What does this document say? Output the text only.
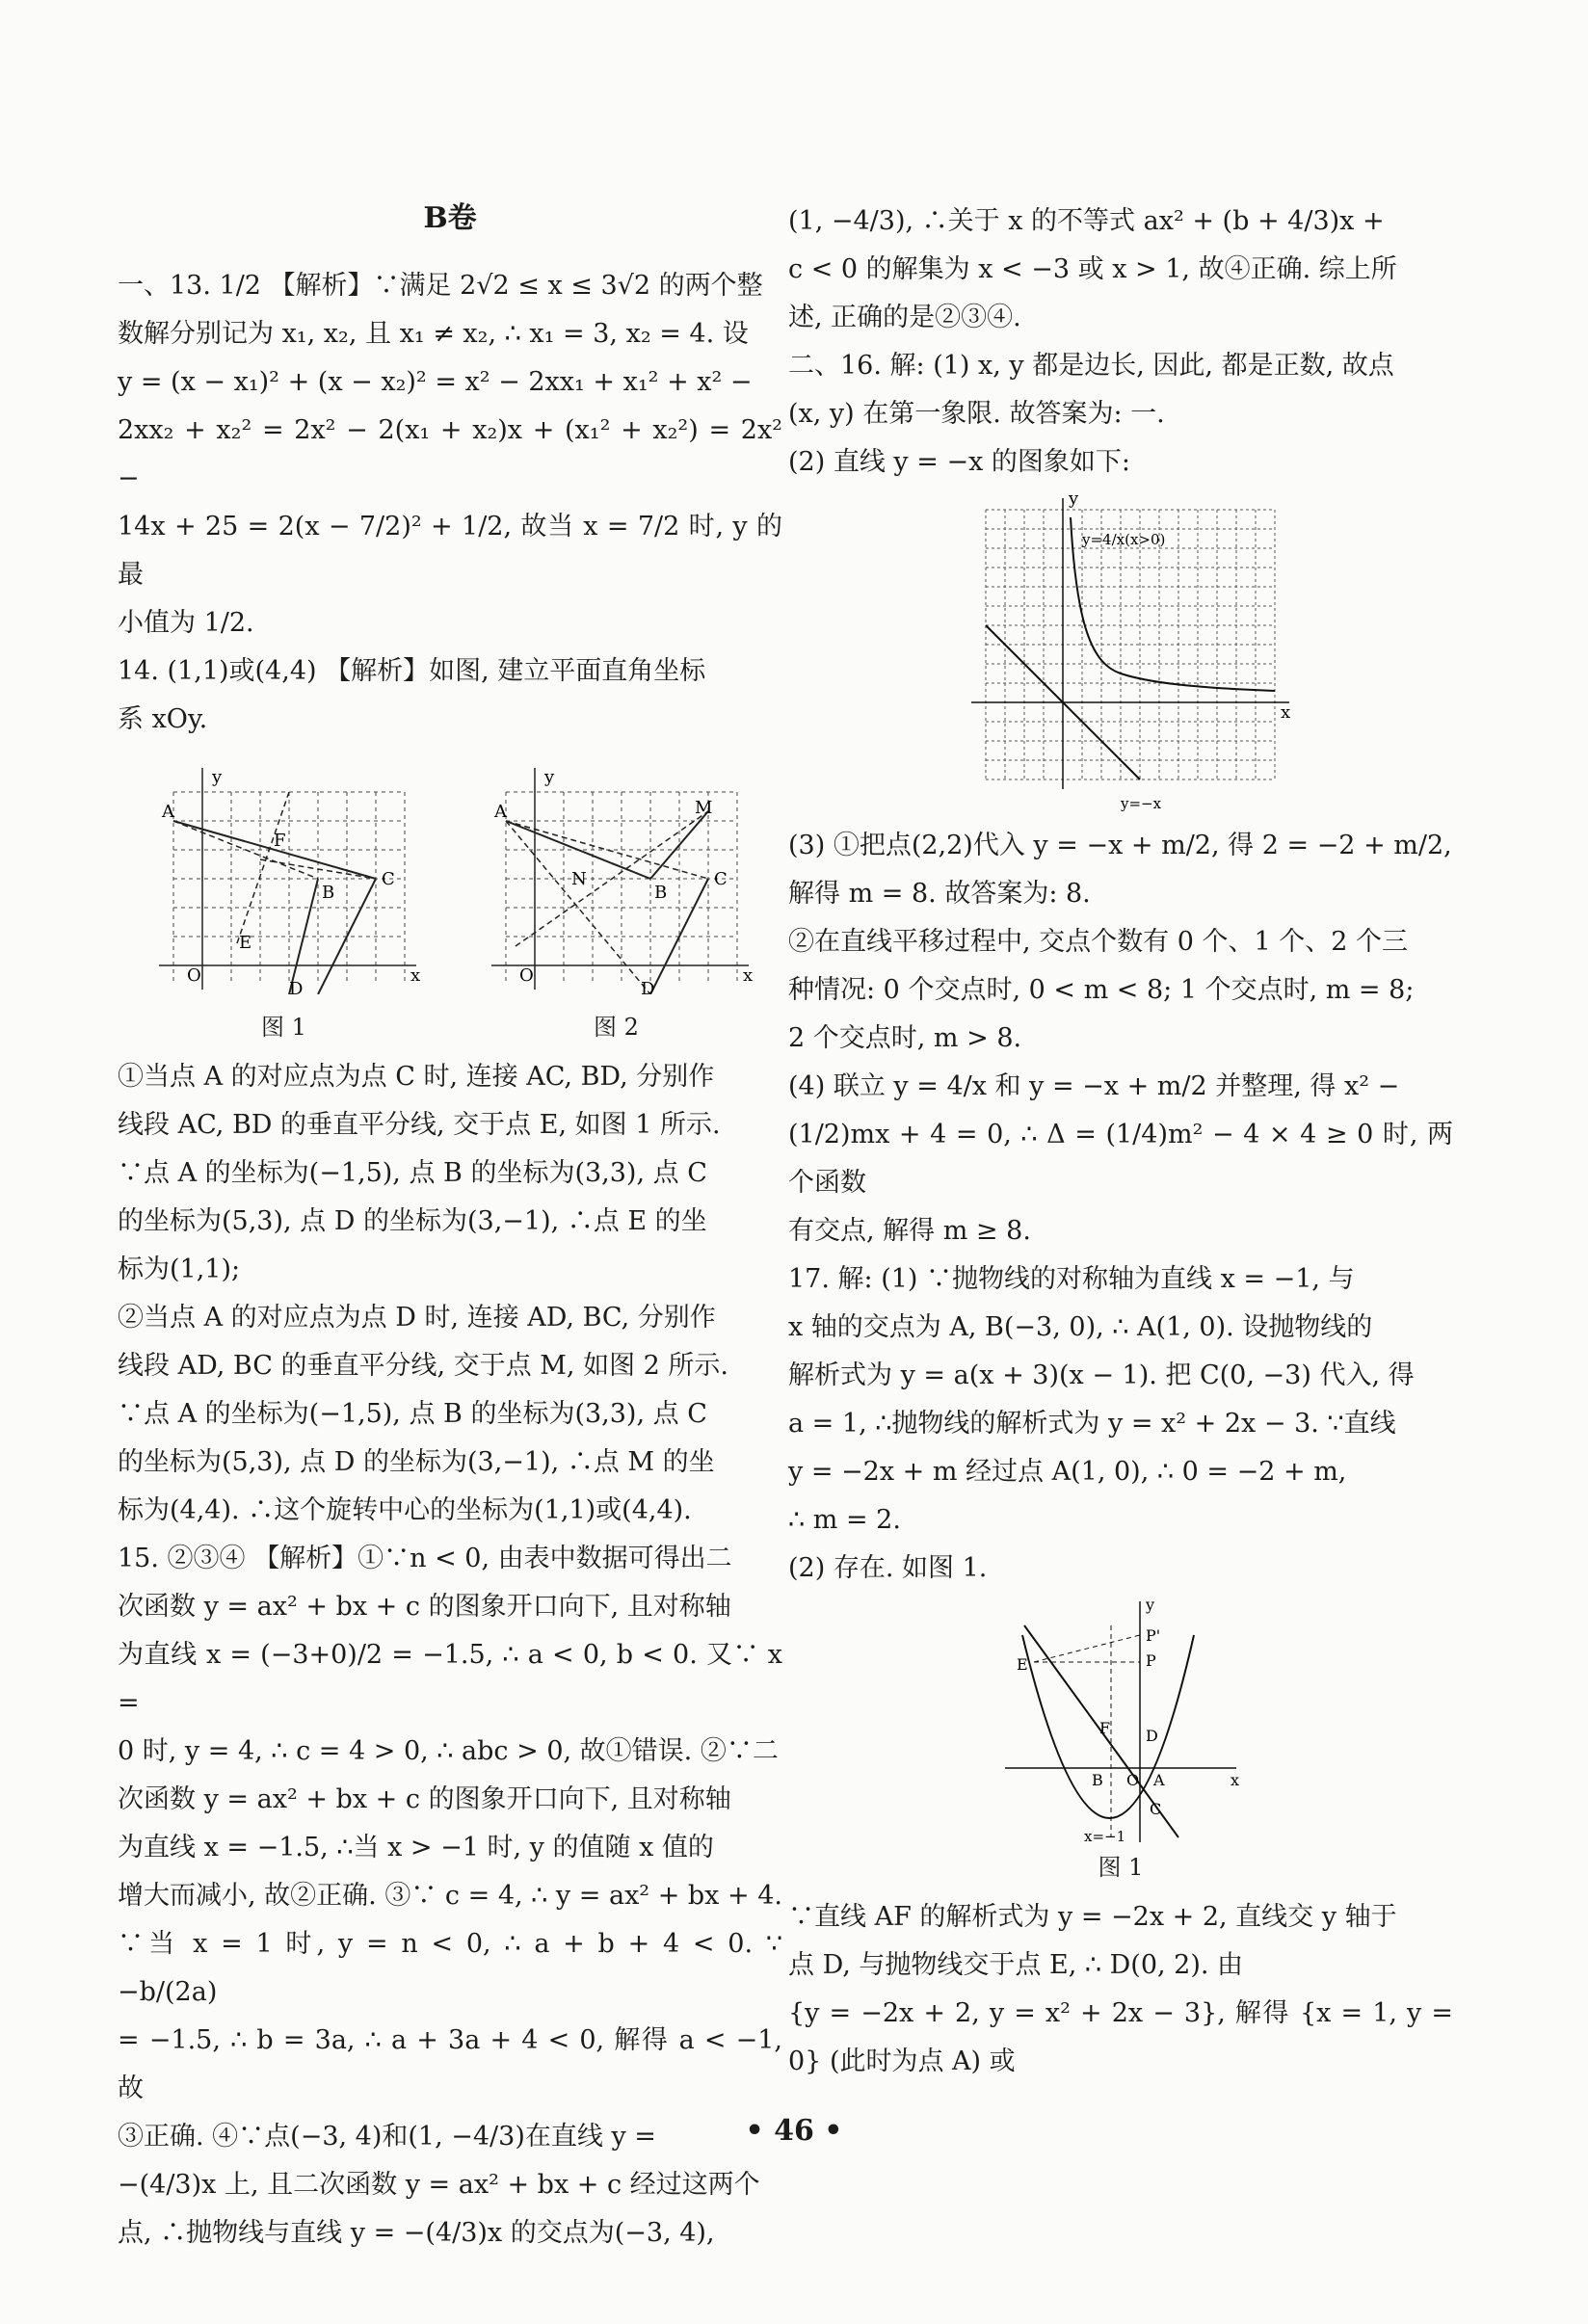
B卷

一、13. 1/2 【解析】∵满足 2√2 ≤ x ≤ 3√2 的两个整

数解分别记为 x₁, x₂, 且 x₁ ≠ x₂, ∴ x₁ = 3, x₂ = 4. 设

y = (x − x₁)² + (x − x₂)² = x² − 2xx₁ + x₁² + x² −

2xx₂ + x₂² = 2x² − 2(x₁ + x₂)x + (x₁² + x₂²) = 2x² −

14x + 25 = 2(x − 7/2)² + 1/2, 故当 x = 7/2 时, y 的最

小值为 1/2.

14. (1,1)或(4,4) 【解析】如图, 建立平面直角坐标

系 xOy.

y
x
A
O
F
B
C
E
D
图 1
y
x
A
O
N
B
C
M
D
图 2

①当点 A 的对应点为点 C 时, 连接 AC, BD, 分别作

线段 AC, BD 的垂直平分线, 交于点 E, 如图 1 所示.

∵点 A 的坐标为(−1,5), 点 B 的坐标为(3,3), 点 C

的坐标为(5,3), 点 D 的坐标为(3,−1), ∴点 E 的坐

标为(1,1);

②当点 A 的对应点为点 D 时, 连接 AD, BC, 分别作

线段 AD, BC 的垂直平分线, 交于点 M, 如图 2 所示.

∵点 A 的坐标为(−1,5), 点 B 的坐标为(3,3), 点 C

的坐标为(5,3), 点 D 的坐标为(3,−1), ∴点 M 的坐

标为(4,4). ∴这个旋转中心的坐标为(1,1)或(4,4).

15. ②③④ 【解析】①∵n < 0, 由表中数据可得出二

次函数 y = ax² + bx + c 的图象开口向下, 且对称轴

为直线 x = (−3+0)/2 = −1.5, ∴ a < 0, b < 0. 又∵ x =

0 时, y = 4, ∴ c = 4 > 0, ∴ abc > 0, 故①错误. ②∵二

次函数 y = ax² + bx + c 的图象开口向下, 且对称轴

为直线 x = −1.5, ∴当 x > −1 时, y 的值随 x 值的

增大而减小, 故②正确. ③∵ c = 4, ∴ y = ax² + bx + 4.

∵当 x = 1 时, y = n < 0, ∴ a + b + 4 < 0. ∵ −b/(2a)

= −1.5, ∴ b = 3a, ∴ a + 3a + 4 < 0, 解得 a < −1, 故

③正确. ④∵点(−3, 4)和(1, −4/3)在直线 y =

−(4/3)x 上, 且二次函数 y = ax² + bx + c 经过这两个

点, ∴抛物线与直线 y = −(4/3)x 的交点为(−3, 4),

(1, −4/3), ∴关于 x 的不等式 ax² + (b + 4/3)x +

c < 0 的解集为 x < −3 或 x > 1, 故④正确. 综上所

述, 正确的是②③④.

二、16. 解: (1) x, y 都是边长, 因此, 都是正数, 故点

(x, y) 在第一象限. 故答案为: 一.

(2) 直线 y = −x 的图象如下:

y
x
y=4/x(x>0)
y=−x

(3) ①把点(2,2)代入 y = −x + m/2, 得 2 = −2 + m/2,

解得 m = 8. 故答案为: 8.

②在直线平移过程中, 交点个数有 0 个、1 个、2 个三

种情况: 0 个交点时, 0 < m < 8; 1 个交点时, m = 8;

2 个交点时, m > 8.

(4) 联立 y = 4/x 和 y = −x + m/2 并整理, 得 x² −

(1/2)mx + 4 = 0, ∴ Δ = (1/4)m² − 4 × 4 ≥ 0 时, 两个函数

有交点, 解得 m ≥ 8.

17. 解: (1) ∵抛物线的对称轴为直线 x = −1, 与

x 轴的交点为 A, B(−3, 0), ∴ A(1, 0). 设抛物线的

解析式为 y = a(x + 3)(x − 1). 把 C(0, −3) 代入, 得

a = 1, ∴抛物线的解析式为 y = x² + 2x − 3. ∵直线

y = −2x + m 经过点 A(1, 0), ∴ 0 = −2 + m,

∴ m = 2.

(2) 存在. 如图 1.

y
x
E
P'
P
F D
B O A
C
x=−1
图 1

∵直线 AF 的解析式为 y = −2x + 2, 直线交 y 轴于

点 D, 与抛物线交于点 E, ∴ D(0, 2). 由

{y = −2x + 2, y = x² + 2x − 3}, 解得 {x = 1, y = 0} (此时为点 A) 或

• 46 •
